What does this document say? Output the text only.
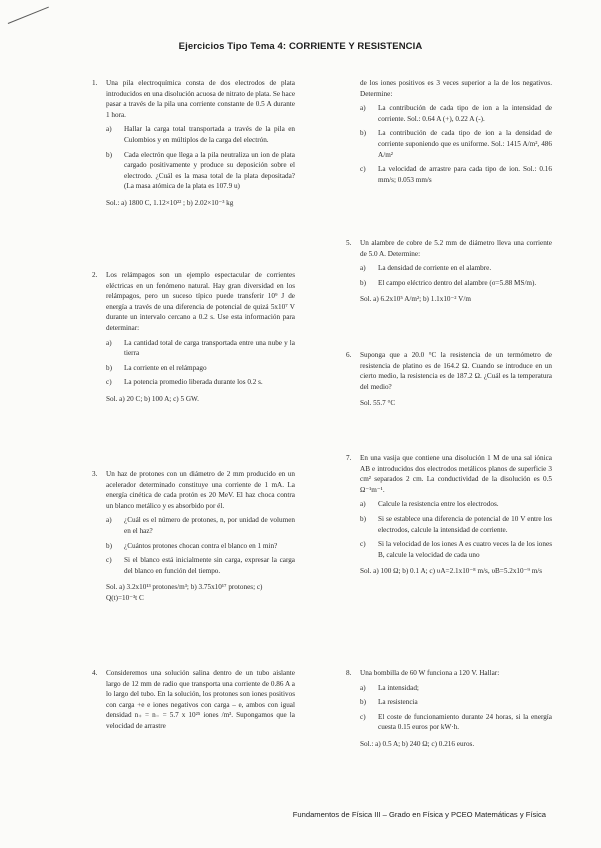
Ejercicios Tipo Tema 4: CORRIENTE Y RESISTENCIA
1.	Una pila electroquímica consta de dos electrodos de plata introducidos en una disolución acuosa de nitrato de plata. Se hace pasar a través de la pila una corriente constante de 0.5 A durante 1 hora.
a)	Hallar la carga total transportada a través de la pila en Culombios y en múltiplos de la carga del electrón.
b)	Cada electrón que llega a la pila neutraliza un ion de plata cargado positivamente y produce su deposición sobre el electrodo. ¿Cuál es la masa total de la plata depositada? (La masa atómica de la plata es 107.9 u)
Sol.: a) 1800 C, 1.12×10²² ; b) 2.02×10⁻³ kg
2.	Los relámpagos son un ejemplo espectacular de corrientes eléctricas en un fenómeno natural. Hay gran diversidad en los relámpagos, pero un suceso típico puede transferir 10⁹ J de energía a través de una diferencia de potencial de quizá 5x10⁷ V durante un intervalo cercano a 0.2 s. Use esta información para determinar:
a)	La cantidad total de carga transportada entre una nube y la tierra
b)	La corriente en el relámpago
c)	La potencia promedio liberada durante los 0.2 s.
Sol. a) 20 C; b) 100 A; c) 5 GW.
3.	Un haz de protones con un diámetro de 2 mm producido en un acelerador determinado constituye una corriente de 1 mA. La energía cinética de cada protón es 20 MeV. El haz choca contra un blanco metálico y es absorbido por él.
a)	¿Cuál es el número de protones, n, por unidad de volumen en el haz?
b)	¿Cuántos protones chocan contra el blanco en 1 min?
c)	Si el blanco está inicialmente sin carga, expresar la carga del blanco en función del tiempo.
Sol. a) 3.2x10¹³ protones/m³; b) 3.75x10¹⁷ protones; c) Q(t)=10⁻³t C
4.	Consideremos una solución salina dentro de un tubo aislante largo de 12 mm de radio que transporta una corriente de 0.86 A a lo largo del tubo. En la solución, los protones son iones positivos con carga +e e iones negativos con carga – e, ambos con igual densidad n₊ = n₋ = 5.7 x 10²⁵ iones /m³. Supongamos que la velocidad de arrastre
de los iones positivos es 3 veces superior a la de los negativos. Determine:
a)	La contribución de cada tipo de ion a la intensidad de corriente. Sol.: 0.64 A (+), 0.22 A (-).
b)	La contribución de cada tipo de ion a la densidad de corriente suponiendo que es uniforme. Sol.: 1415 A/m², 486 A/m²
c)	La velocidad de arrastre para cada tipo de ion. Sol.: 0.16 mm/s; 0.053 mm/s
5.	Un alambre de cobre de 5.2 mm de diámetro lleva una corriente de 5.0 A. Determine:
a)	La densidad de corriente en el alambre.
b)	El campo eléctrico dentro del alambre (σ=5.88 MS/m).
Sol. a) 6.2x10⁵ A/m²; b) 1.1x10⁻² V/m
6.	Suponga que a 20.0 °C la resistencia de un termómetro de resistencia de platino es de 164.2 Ω. Cuando se introduce en un cierto medio, la resistencia es de 187.2 Ω. ¿Cuál es la temperatura del medio?
Sol. 55.7 °C
7.	En una vasija que contiene una disolución 1 M de una sal iónica AB e introducidos dos electrodos metálicos planos de superficie 3 cm² separados 2 cm. La conductividad de la disolución es 0.5 Ω⁻¹m⁻¹.
a)	Calcule la resistencia entre los electrodos.
b)	Si se establece una diferencia de potencial de 10 V entre los electrodos, calcule la intensidad de corriente.
c)	Si la velocidad de los iones A es cuatro veces la de los iones B, calcule la velocidad de cada uno
Sol. a) 100 Ω; b) 0.1 A; c) υA=2.1x10⁻⁸ m/s, υB=5.2x10⁻⁹ m/s
8.	Una bombilla de 60 W funciona a 120 V. Hallar:
a)	La intensidad;
b)	La resistencia
c)	El coste de funcionamiento durante 24 horas, si la energía cuesta 0.15 euros por kW·h.
Sol.: a) 0.5 A; b) 240 Ω; c) 0.216 euros.
Fundamentos de Física III – Grado en Física y PCEO Matemáticas y Física
